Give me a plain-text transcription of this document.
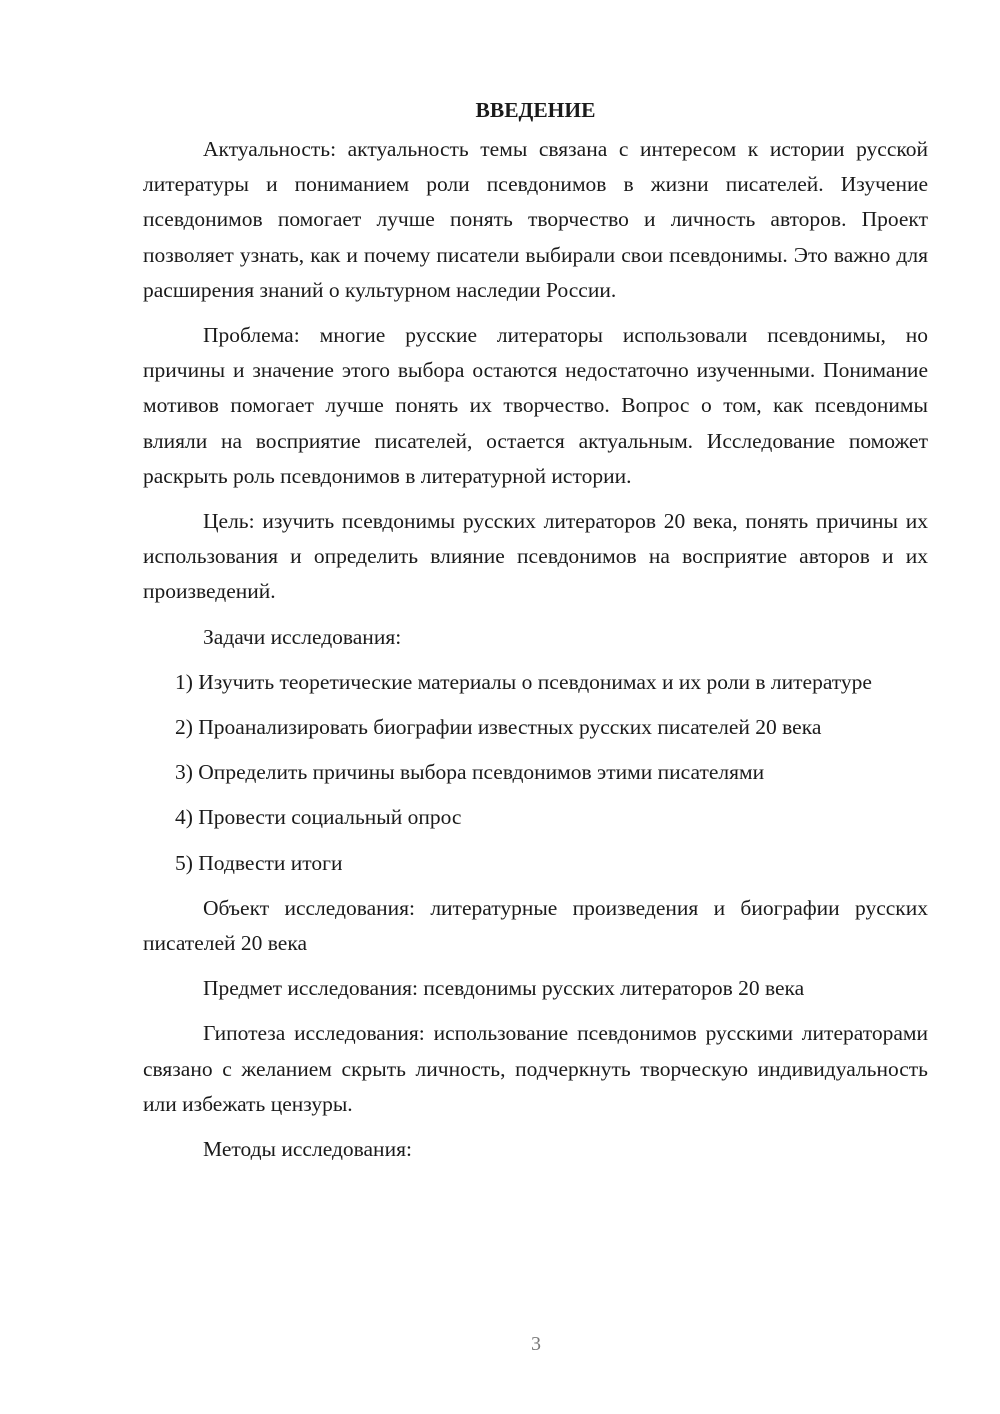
ВВЕДЕНИЕ

Актуальность: актуальность темы связана с интересом к истории русской литературы и пониманием роли псевдонимов в жизни писателей. Изучение псевдонимов помогает лучше понять творчество и личность авторов. Проект позволяет узнать, как и почему писатели выбирали свои псевдонимы. Это важно для расширения знаний о культурном наследии России.

Проблема: многие русские литераторы использовали псевдонимы, но причины и значение этого выбора остаются недостаточно изученными. Понимание мотивов помогает лучше понять их творчество. Вопрос о том, как псевдонимы влияли на восприятие писателей, остается актуальным. Исследование поможет раскрыть роль псевдонимов в литературной истории.

Цель: изучить псевдонимы русских литераторов 20 века, понять причины их использования и определить влияние псевдонимов на восприятие авторов и их произведений.

Задачи исследования:

1) Изучить теоретические материалы о псевдонимах и их роли в литературе

2) Проанализировать биографии известных русских писателей 20 века

3) Определить причины выбора псевдонимов этими писателями

4) Провести социальный опрос

5) Подвести итоги

Объект исследования: литературные произведения и биографии русских писателей 20 века

Предмет исследования: псевдонимы русских литераторов 20 века

Гипотеза исследования: использование псевдонимов русскими литераторами связано с желанием скрыть личность, подчеркнуть творческую индивидуальность или избежать цензуры.

Методы исследования:

3
